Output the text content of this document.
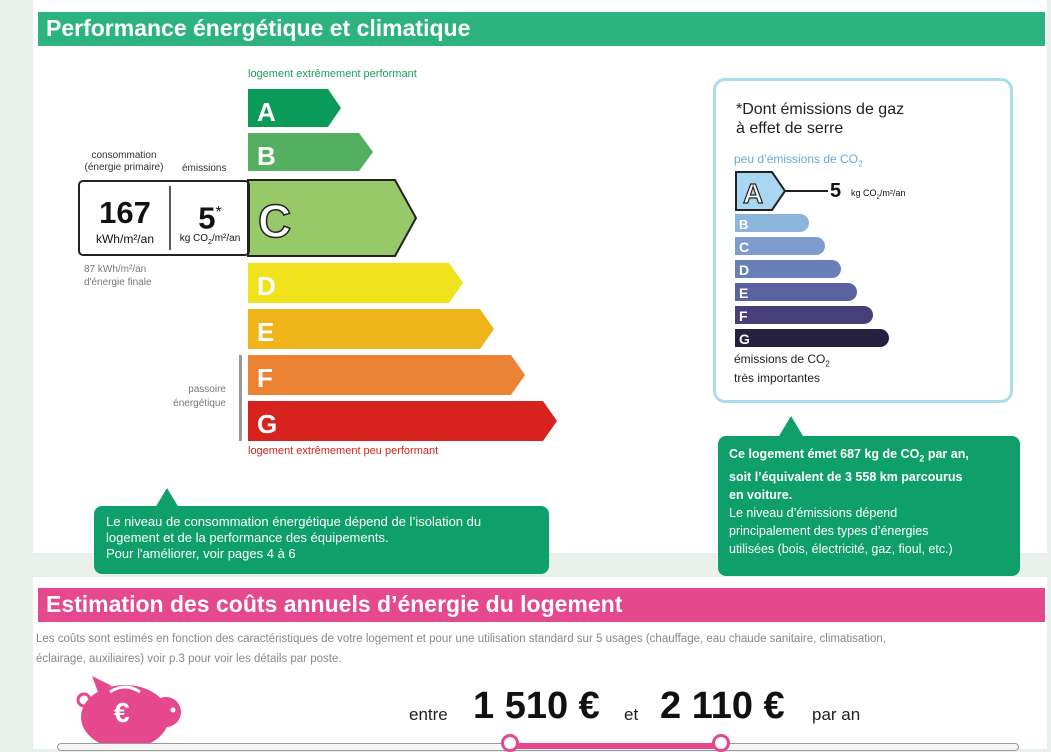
Performance énergétique et climatique
logement extrêmement performant
logement extrêmement peu performant
A
B
C
D
E
F
G
consommation
(énergie primaire)	émissions
167
kWh/m²/an
5*
kg $CO_2/m^2/an$
87 kWh/m²/an
d'énergie finale
passoire
énergétique
Le niveau de consommation énergétique dépend de l’isolation du
logement et de la performance des équipements.
Pour l'améliorer, voir pages 4 à 6
*Dont émissions de gaz
à effet de serre
peu d’émissions de $CO_2$
A
B
C
D
E
F
G
5 kg $CO_2/m^2/an$
émissions de $CO_2$
très importantes
Ce logement émet 687 kg de $CO_2$ par an,
soit l’équivalent de 3 558 km parcourus
en voiture.
Le niveau d’émissions dépend
principalement des types d’énergies
utilisées (bois, électricité, gaz, fioul, etc.)
Estimation des coûts annuels d’énergie du logement
Les coûts sont estimés en fonction des caractéristiques de votre logement et pour une utilisation standard sur 5 usages (chauffage, eau chaude sanitaire, climatisation,
éclairage, auxiliaires) voir p.3 pour voir les détails par poste.
€	entre 1 510 € et 2 110 € par an
